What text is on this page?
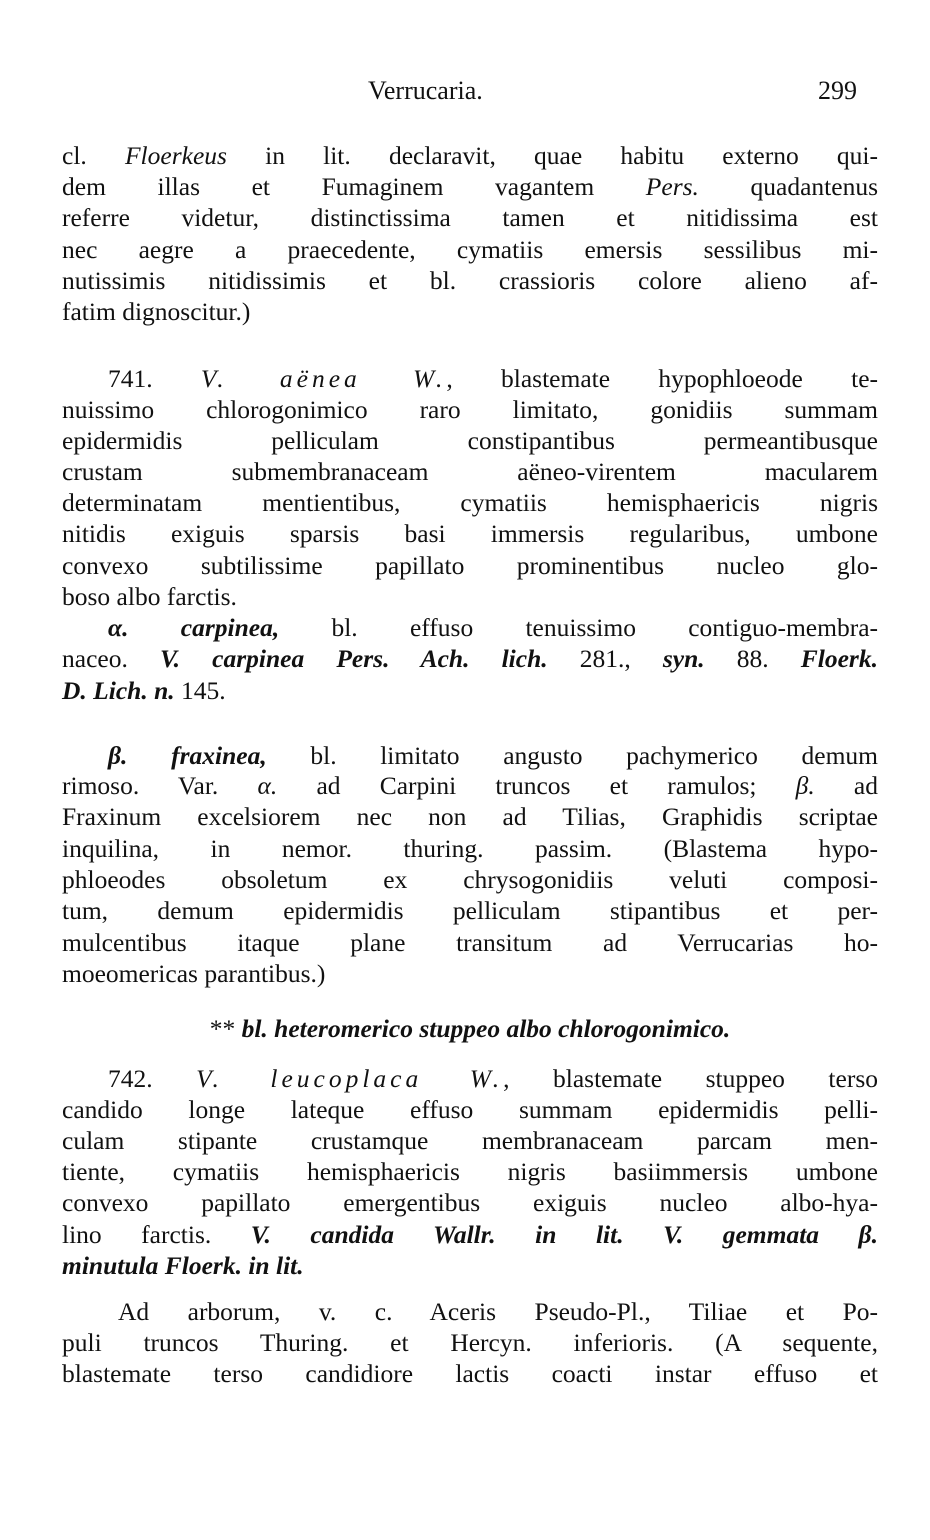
Verrucaria.	299
cl. Floerkeus in lit. declaravit, quae habitu externo qui-
dem illas et Fumaginem vagantem Pers. quadantenus
referre videtur, distinctissima tamen et nitidissima est
nec aegre a praecedente, cymatiis emersis sessilibus mi-
nutissimis nitidissimis et bl. crassioris colore alieno af-
fatim dignoscitur.)
741. V. aënea W., blastemate hypophloeode te-
nuissimo chlorogonimico raro limitato, gonidiis summam
epidermidis pelliculam constipantibus permeantibusque
crustam submembranaceam aëneo-virentem macularem
determinatam mentientibus, cymatiis hemisphaericis nigris
nitidis exiguis sparsis basi immersis regularibus, umbone
convexo subtilissime papillato prominentibus nucleo glo-
boso albo farctis.
α. carpinea, bl. effuso tenuissimo contiguo-membra-
naceo. V. carpinea Pers. Ach. lich. 281., syn. 88. Floerk.
D. Lich. n. 145.
β. fraxinea, bl. limitato angusto pachymerico demum
rimoso. Var. α. ad Carpini truncos et ramulos; β. ad
Fraxinum excelsiorem nec non ad Tilias, Graphidis scriptae
inquilina, in nemor. thuring. passim. (Blastema hypo-
phloeodes obsoletum ex chrysogonidiis veluti composi-
tum, demum epidermidis pelliculam stipantibus et per-
mulcentibus itaque plane transitum ad Verrucarias ho-
moeomericas parantibus.)
** bl. heteromerico stuppeo albo chlorogonimico.
742. V. leucoplaca W., blastemate stuppeo terso
candido longe lateque effuso summam epidermidis pelli-
culam stipante crustamque membranaceam parcam men-
tiente, cymatiis hemisphaericis nigris basiimmersis umbone
convexo papillato emergentibus exiguis nucleo albo-hya-
lino farctis. V. candida Wallr. in lit. V. gemmata β.
minutula Floerk. in lit.
Ad arborum, v. c. Aceris Pseudo-Pl., Tiliae et Po-
puli truncos Thuring. et Hercyn. inferioris. (A sequente,
blastemate terso candidiore lactis coacti instar effuso et
